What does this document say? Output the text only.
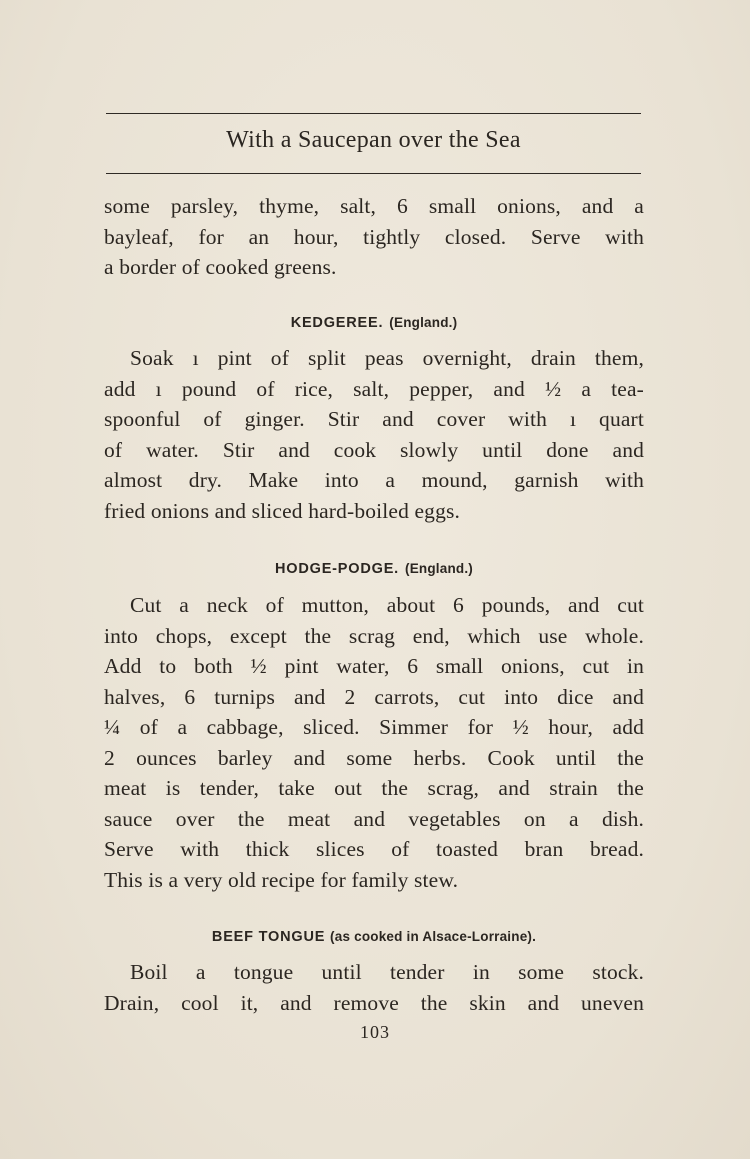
With a Saucepan over the Sea
some parsley, thyme, salt, 6 small onions, and a
bayleaf, for an hour, tightly closed. Serve with
a border of cooked greens.
KEDGEREE. (England.)
Soak ı pint of split peas overnight, drain them,
add ı pound of rice, salt, pepper, and ½ a tea-
spoonful of ginger. Stir and cover with ı quart
of water. Stir and cook slowly until done and
almost dry. Make into a mound, garnish with
fried onions and sliced hard-boiled eggs.
HODGE-PODGE. (England.)
Cut a neck of mutton, about 6 pounds, and cut
into chops, except the scrag end, which use whole.
Add to both ½ pint water, 6 small onions, cut in
halves, 6 turnips and 2 carrots, cut into dice and
¼ of a cabbage, sliced. Simmer for ½ hour, add
2 ounces barley and some herbs. Cook until the
meat is tender, take out the scrag, and strain the
sauce over the meat and vegetables on a dish.
Serve with thick slices of toasted bran bread.
This is a very old recipe for family stew.
BEEF TONGUE (as cooked in Alsace-Lorraine).
Boil a tongue until tender in some stock.
Drain, cool it, and remove the skin and uneven
103
